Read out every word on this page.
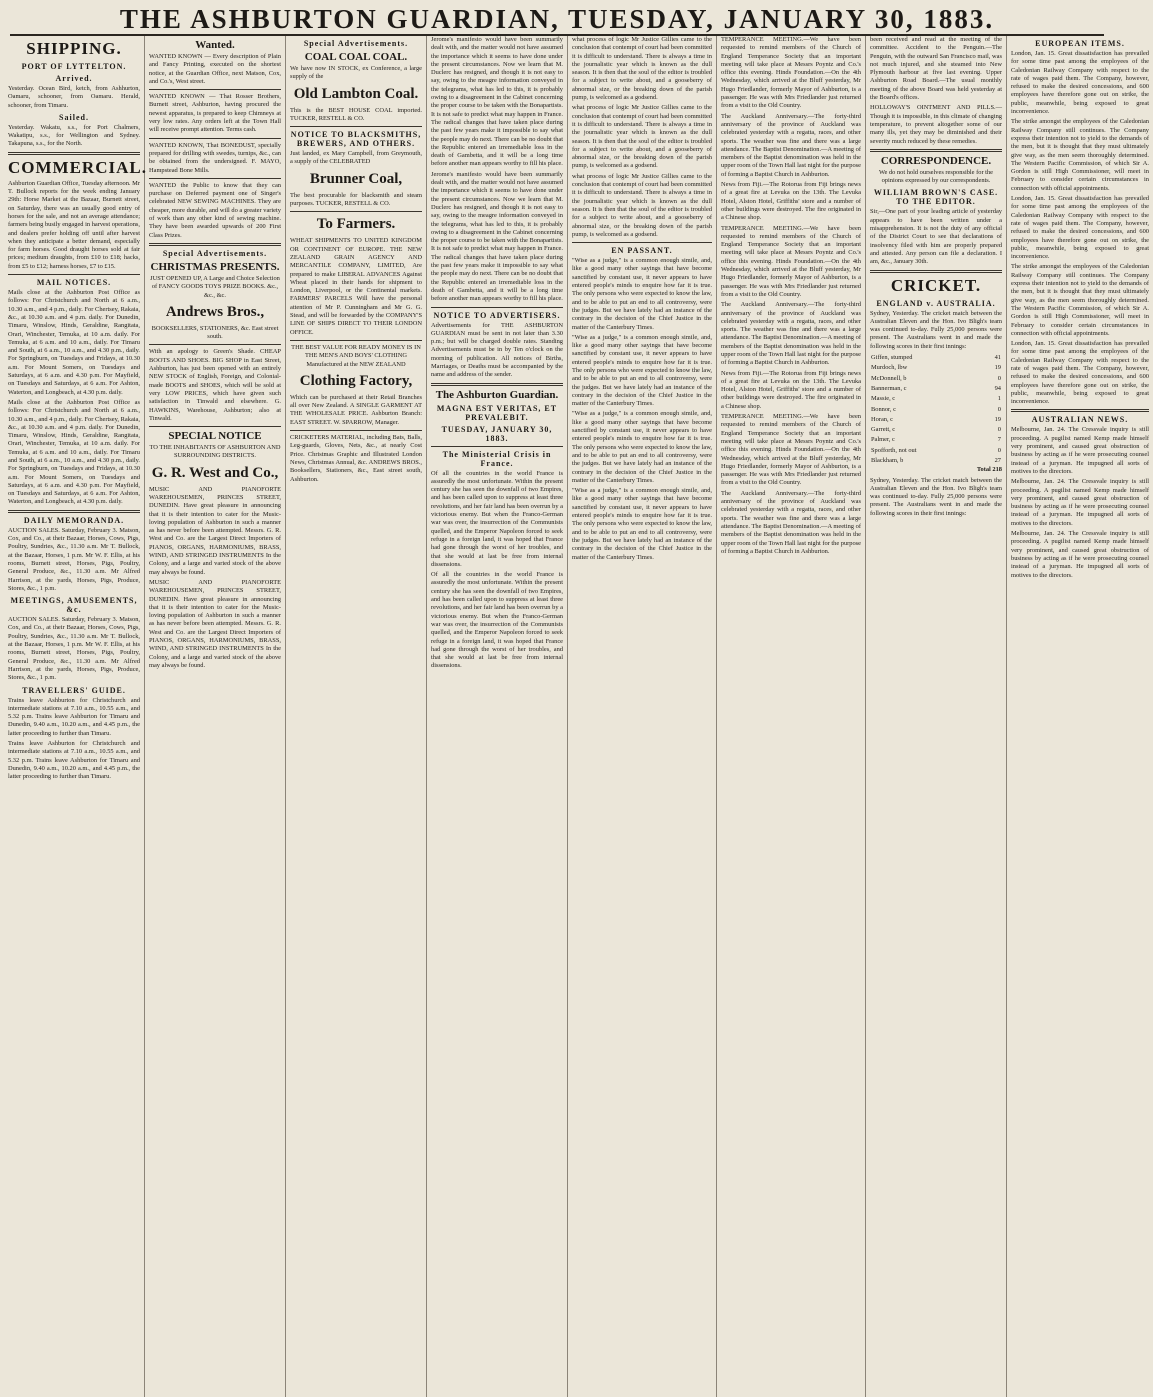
THE ASHBURTON GUARDIAN, TUESDAY, JANUARY 30, 1883.
SHIPPING.
PORT OF LYTTELTON.
Arrived.

Yesterday. Ocean Bird, ketch, from Ashhurton, Oamaru, schooner, from Oamaru. Herald, schooner, from Timaru.

Sailed.

Yesterday. Wakatu, s.s., for Port Chalmers, Wakatipu, s.s., for Wellington and Sydney. Takapuna, s.s., for the North.

COMMERCIAL.

Ashburton Guardian Office, Tuesday afternoon. Mr T. Bullock reports for the week ending January 29th: Horse Market at the Bazaar, Burnett street, on Saturday, there was an usually good entry of horses for the sale, and not an average attendance; farmers being busily engaged in harvest operations, and dealers prefer holding off until after harvest when they anticipate a better demand, especially for farm horses. Good draught horses sold at fair prices; medium draughts, from £10 to £18; hacks, from £5 to £12; harness horses, £7 to £15.

MAIL NOTICES.

Mails close at the Ashburton Post Office as follows: For Christchurch and North at 6 a.m., 10.30 a.m., and 4 p.m., daily. For Chertsey, Rakaia, &c., at 10.30 a.m. and 4 p.m. daily. For Dunedin, Timaru, Winslow, Hinds, Geraldine, Rangitata, Orari, Winchester, Temuka, at 10 a.m. daily. For Temuka, at 6 a.m. and 10 a.m., daily. For Timaru and South, at 6 a.m., 10 a.m., and 4.30 p.m., daily. For Springburn, on Tuesdays and Fridays, at 10.30 a.m. For Mount Somers, on Tuesdays and Saturdays, at 6 a.m. and 4.30 p.m. For Mayfield, on Tuesdays and Saturdays, at 6 a.m. For Ashton, Waterton, and Longbeach, at 4.30 p.m. daily.

Mails close at the Ashburton Post Office as follows: For Christchurch and North at 6 a.m., 10.30 a.m., and 4 p.m., daily. For Chertsey, Rakaia, &c., at 10.30 a.m. and 4 p.m. daily. For Dunedin, Timaru, Winslow, Hinds, Geraldine, Rangitata, Orari, Winchester, Temuka, at 10 a.m. daily. For Temuka, at 6 a.m. and 10 a.m., daily. For Timaru and South, at 6 a.m., 10 a.m., and 4.30 p.m., daily. For Springburn, on Tuesdays and Fridays, at 10.30 a.m. For Mount Somers, on Tuesdays and Saturdays, at 6 a.m. and 4.30 p.m. For Mayfield, on Tuesdays and Saturdays, at 6 a.m. For Ashton, Waterton, and Longbeach, at 4.30 p.m. daily.

DAILY MEMORANDA.

AUCTION SALES. Saturday, February 3. Matson, Cox, and Co., at their Bazaar, Horses, Cows, Pigs, Poultry, Sundries, &c., 11.30 a.m. Mr T. Bullock, at the Bazaar, Horses, 1 p.m. Mr W. F. Ellis, at his rooms, Burnett street, Horses, Pigs, Poultry, General Produce, &c., 11.30 a.m. Mr Alfred Harrison, at the yards, Horses, Pigs, Produce, Stores, &c., 1 p.m.

MEETINGS, AMUSEMENTS, &c.

AUCTION SALES. Saturday, February 3. Matson, Cox, and Co., at their Bazaar, Horses, Cows, Pigs, Poultry, Sundries, &c., 11.30 a.m. Mr T. Bullock, at the Bazaar, Horses, 1 p.m. Mr W. F. Ellis, at his rooms, Burnett street, Horses, Pigs, Poultry, General Produce, &c., 11.30 a.m. Mr Alfred Harrison, at the yards, Horses, Pigs, Produce, Stores, &c., 1 p.m.

TRAVELLERS' GUIDE.

Trains leave Ashburton for Christchurch and intermediate stations at 7.10 a.m., 10.55 a.m., and 5.32 p.m. Trains leave Ashburton for Timaru and Dunedin, 9.40 a.m., 10.20 a.m., and 4.45 p.m., the latter proceeding to further than Timaru.

Trains leave Ashburton for Christchurch and intermediate stations at 7.10 a.m., 10.55 a.m., and 5.32 p.m. Trains leave Ashburton for Timaru and Dunedin, 9.40 a.m., 10.20 a.m., and 4.45 p.m., the latter proceeding to further than Timaru.

Wanted.

WANTED KNOWN — Every description of Plain and Fancy Printing, executed on the shortest notice, at the Guardian Office, next Matson, Cox, and Co.'s, West street.

WANTED KNOWN — That Rosser Brothers, Burnett street, Ashburton, having procured the newest apparatus, is prepared to keep Chimneys at very low rates. Any orders left at the Town Hall will receive prompt attention. Terms cash.

WANTED KNOWN, That BONEDUST, specially prepared for drilling with swedes, turnips, &c., can be obtained from the undersigned. F. MAYO, Hampstead Bone Mills.

WANTED the Public to know that they can purchase on Deferred payment one of Singer's celebrated NEW SEWING MACHINES. They are cheaper, more durable, and will do a greater variety of work than any other kind of sewing machine. They have been awarded upwards of 200 First Class Prizes.

Special Advertisements.
CHRISTMAS PRESENTS.

JUST OPENED UP, A Large and Choice Selection of FANCY GOODS TOYS PRIZE BOOKS. &c., &c., &c.

Andrews Bros.,

BOOKSELLERS, STATIONERS, &c. East street south.

With an apology to Green's Shade. CHEAP BOOTS AND SHOES. BIG SHOP in East Street, Ashburton, has just been opened with an entirely NEW STOCK of English, Foreign, and Colonial-made BOOTS and SHOES, which will be sold at very LOW PRICES, which have given such satisfaction in Tinwald and elsewhere. G. HAWKINS, Warehouse, Ashburton; also at Tinwald.

SPECIAL NOTICE

TO THE INHABITANTS OF ASHBURTON AND SURROUNDING DISTRICTS.

G. R. West and Co.,

MUSIC AND PIANOFORTE WAREHOUSEMEN, PRINCES STREET, DUNEDIN. Have great pleasure in announcing that it is their intention to cater for the Music-loving population of Ashburton in such a manner as has never before been attempted. Messrs. G. R. West and Co. are the Largest Direct Importers of PIANOS, ORGANS, HARMONIUMS, BRASS, WIND, AND STRINGED INSTRUMENTS In the Colony, and a large and varied stock of the above may always be found.

MUSIC AND PIANOFORTE WAREHOUSEMEN, PRINCES STREET, DUNEDIN. Have great pleasure in announcing that it is their intention to cater for the Music-loving population of Ashburton in such a manner as has never before been attempted. Messrs. G. R. West and Co. are the Largest Direct Importers of PIANOS, ORGANS, HARMONIUMS, BRASS, WIND, AND STRINGED INSTRUMENTS In the Colony, and a large and varied stock of the above may always be found.

Special Advertisements.
COAL COAL COAL.

We have now IN STOCK, ex Conference, a large supply of the

Old Lambton Coal.

This is the BEST HOUSE COAL imported. TUCKER, RESTELL & CO.

NOTICE TO BLACKSMITHS, BREWERS, AND OTHERS.

Just landed, ex Mary Campbell, from Greymouth, a supply of the CELEBRATED

Brunner Coal,

The best procurable for blacksmith and steam purposes. TUCKER, RESTELL & CO.

To Farmers.

WHEAT SHIPMENTS TO UNITED KINGDOM OR CONTINENT OF EUROPE. THE NEW ZEALAND GRAIN AGENCY AND MERCANTILE COMPANY, LIMITED, Are prepared to make LIBERAL ADVANCES Against Wheat placed in their hands for shipment to London, Liverpool, or the Continental markets. FARMERS' PARCELS Will have the personal attention of Mr P. Cunningham and Mr G. G. Stead, and will be forwarded by the COMPANY'S LINE OF SHIPS DIRECT TO THEIR LONDON OFFICE.

THE BEST VALUE FOR READY MONEY IS IN THE MEN'S AND BOYS' CLOTHING Manufactured at the NEW ZEALAND

Clothing Factory,

Which can be purchased at their Retail Branches all over New Zealand. A SINGLE GARMENT AT THE WHOLESALE PRICE. Ashburton Branch: EAST STREET. W. SPARROW, Manager.

CRICKETERS MATERIAL, including Bats, Balls, Leg-guards, Gloves, Nets, &c., at nearly Cost Price. Christmas Graphic and Illustrated London News, Christmas Annual, &c. ANDREWS BROS., Booksellers, Stationers, &c., East street south, Ashburton.

Jerome's manifesto would have been summarily dealt with, and the matter would not have assumed the importance which it seems to have done under the present circumstances. Now we learn that M. Duclerc has resigned, and though it is not easy to say, owing to the meagre information conveyed in the telegrams, what has led to this, it is probably owing to a disagreement in the Cabinet concerning the proper course to be taken with the Bonapartists. It is not safe to predict what may happen in France. The radical changes that have taken place during the past few years make it impossible to say what the people may do next. There can be no doubt that the Republic entered an irremediable loss in the death of Gambetta, and it will be a long time before another man appears worthy to fill his place.

Jerome's manifesto would have been summarily dealt with, and the matter would not have assumed the importance which it seems to have done under the present circumstances. Now we learn that M. Duclerc has resigned, and though it is not easy to say, owing to the meagre information conveyed in the telegrams, what has led to this, it is probably owing to a disagreement in the Cabinet concerning the proper course to be taken with the Bonapartists. It is not safe to predict what may happen in France. The radical changes that have taken place during the past few years make it impossible to say what the people may do next. There can be no doubt that the Republic entered an irremediable loss in the death of Gambetta, and it will be a long time before another man appears worthy to fill his place.

NOTICE TO ADVERTISERS.

Advertisements for THE ASHBURTON GUARDIAN must be sent in not later than 3.30 p.m.; but will be charged double rates. Standing Advertisements must be in by Ten o'clock on the morning of publication. All notices of Births, Marriages, or Deaths must be accompanied by the name and address of the sender.

The Ashburton Guardian.
MAGNA EST VERITAS, ET PREVALEBIT.
TUESDAY, JANUARY 30, 1883.
The Ministerial Crisis in France.

Of all the countries in the world France is assuredly the most unfortunate. Within the present century she has seen the downfall of two Empires, and has been called upon to suppress at least three revolutions, and her fair land has been overrun by a victorious enemy. But when the Franco-German war was over, the insurrection of the Communists quelled, and the Emperor Napoleon forced to seek refuge in a foreign land, it was hoped that France had gone through the worst of her troubles, and that she would at last be free from internal dissensions.

Of all the countries in the world France is assuredly the most unfortunate. Within the present century she has seen the downfall of two Empires, and has been called upon to suppress at least three revolutions, and her fair land has been overrun by a victorious enemy. But when the Franco-German war was over, the insurrection of the Communists quelled, and the Emperor Napoleon forced to seek refuge in a foreign land, it was hoped that France had gone through the worst of her troubles, and that she would at last be free from internal dissensions.

what process of logic Mr Justice Gillies came to the conclusion that contempt of court had been committed it is difficult to understand. There is always a time in the journalistic year which is known as the dull season. It is then that the soul of the editor is troubled for a subject to write about, and a gooseberry of abnormal size, or the breaking down of the parish pump, is welcomed as a godsend.

what process of logic Mr Justice Gillies came to the conclusion that contempt of court had been committed it is difficult to understand. There is always a time in the journalistic year which is known as the dull season. It is then that the soul of the editor is troubled for a subject to write about, and a gooseberry of abnormal size, or the breaking down of the parish pump, is welcomed as a godsend.

what process of logic Mr Justice Gillies came to the conclusion that contempt of court had been committed it is difficult to understand. There is always a time in the journalistic year which is known as the dull season. It is then that the soul of the editor is troubled for a subject to write about, and a gooseberry of abnormal size, or the breaking down of the parish pump, is welcomed as a godsend.

EN PASSANT.

"Wise as a judge," is a common enough simile, and, like a good many other sayings that have become sanctified by constant use, it never appears to have entered people's minds to enquire how far it is true. The only persons who were expected to know the law, and to be able to put an end to all controversy, were the judges. But we have lately had an instance of the contrary in the decision of the Chief Justice in the matter of the Canterbury Times.

"Wise as a judge," is a common enough simile, and, like a good many other sayings that have become sanctified by constant use, it never appears to have entered people's minds to enquire how far it is true. The only persons who were expected to know the law, and to be able to put an end to all controversy, were the judges. But we have lately had an instance of the contrary in the decision of the Chief Justice in the matter of the Canterbury Times.

"Wise as a judge," is a common enough simile, and, like a good many other sayings that have become sanctified by constant use, it never appears to have entered people's minds to enquire how far it is true. The only persons who were expected to know the law, and to be able to put an end to all controversy, were the judges. But we have lately had an instance of the contrary in the decision of the Chief Justice in the matter of the Canterbury Times.

"Wise as a judge," is a common enough simile, and, like a good many other sayings that have become sanctified by constant use, it never appears to have entered people's minds to enquire how far it is true. The only persons who were expected to know the law, and to be able to put an end to all controversy, were the judges. But we have lately had an instance of the contrary in the decision of the Chief Justice in the matter of the Canterbury Times.

TEMPERANCE MEETING.—We have been requested to remind members of the Church of England Temperance Society that an important meeting will take place at Messrs Poyntz and Co.'s office this evening. Hinds Foundation.—On the 4th Wednesday, which arrived at the Bluff yesterday, Mr Hugo Friedlander, formerly Mayor of Ashburton, is a passenger. He was with Mrs Friedlander just returned from a visit to the Old Country.

The Auckland Anniversary.—The forty-third anniversary of the province of Auckland was celebrated yesterday with a regatta, races, and other sports. The weather was fine and there was a large attendance. The Baptist Denomination.—A meeting of members of the Baptist denomination was held in the upper room of the Town Hall last night for the purpose of forming a Baptist Church in Ashburton.

News from Fiji.—The Rotorua from Fiji brings news of a great fire at Levuka on the 13th. The Levuka Hotel, Alston Hotel, Griffiths' store and a number of other buildings were destroyed. The fire originated in a Chinese shop.

TEMPERANCE MEETING.—We have been requested to remind members of the Church of England Temperance Society that an important meeting will take place at Messrs Poyntz and Co.'s office this evening. Hinds Foundation.—On the 4th Wednesday, which arrived at the Bluff yesterday, Mr Hugo Friedlander, formerly Mayor of Ashburton, is a passenger. He was with Mrs Friedlander just returned from a visit to the Old Country.

The Auckland Anniversary.—The forty-third anniversary of the province of Auckland was celebrated yesterday with a regatta, races, and other sports. The weather was fine and there was a large attendance. The Baptist Denomination.—A meeting of members of the Baptist denomination was held in the upper room of the Town Hall last night for the purpose of forming a Baptist Church in Ashburton.

News from Fiji.—The Rotorua from Fiji brings news of a great fire at Levuka on the 13th. The Levuka Hotel, Alston Hotel, Griffiths' store and a number of other buildings were destroyed. The fire originated in a Chinese shop.

TEMPERANCE MEETING.—We have been requested to remind members of the Church of England Temperance Society that an important meeting will take place at Messrs Poyntz and Co.'s office this evening. Hinds Foundation.—On the 4th Wednesday, which arrived at the Bluff yesterday, Mr Hugo Friedlander, formerly Mayor of Ashburton, is a passenger. He was with Mrs Friedlander just returned from a visit to the Old Country.

The Auckland Anniversary.—The forty-third anniversary of the province of Auckland was celebrated yesterday with a regatta, races, and other sports. The weather was fine and there was a large attendance. The Baptist Denomination.—A meeting of members of the Baptist denomination was held in the upper room of the Town Hall last night for the purpose of forming a Baptist Church in Ashburton.

been received and read at the meeting of the committee. Accident to the Penguin.—The Penguin, with the outward San Francisco mail, was not much injured, and she steamed into New Plymouth harbour at five last evening. Upper Ashburton Road Board.—The usual monthly meeting of the above Board was held yesterday at the Board's offices.

HOLLOWAY'S OINTMENT AND PILLS.—Though it is impossible, in this climate of changing temperature, to prevent altogether some of our many ills, yet they may be diminished and their severity much reduced by these remedies.

CORRESPONDENCE.

We do not hold ourselves responsible for the opinions expressed by our correspondents.

WILLIAM BROWN'S CASE. TO THE EDITOR.

Sir,—One part of your leading article of yesterday appears to have been written under a misapprehension. It is not the duty of any official of the District Court to see that declarations of insolvency filed with him are properly prepared and attested. Any person can file a declaration. I am, &c., January 30th.

CRICKET.
ENGLAND v. AUSTRALIA.

Sydney, Yesterday. The cricket match between the Australian Eleven and the Hon. Ivo Bligh's team was continued to-day. Fully 25,000 persons were present. The Australians went in and made the following scores in their first innings:

Giffen, stumped	41
Murdoch, lbw	19
McDonnell, b	0
Bannerman, c	94
Massie, c	1
Bonnor, c	0
Horan, c	19
Garrett, c	0
Palmer, c	7
Spofforth, not out	0
Blackham, b	27

Total 218

Sydney, Yesterday. The cricket match between the Australian Eleven and the Hon. Ivo Bligh's team was continued to-day. Fully 25,000 persons were present. The Australians went in and made the following scores in their first innings:

EUROPEAN ITEMS.

London, Jan. 15. Great dissatisfaction has prevailed for some time past among the employees of the Caledonian Railway Company with respect to the rate of wages paid them. The Company, however, refused to make the desired concessions, and 600 employees have therefore gone out on strike, the public, meanwhile, being exposed to great inconvenience.

The strike amongst the employees of the Caledonian Railway Company still continues. The Company express their intention not to yield to the demands of the men, but it is thought that they must ultimately give way, as the men seem thoroughly determined. The Western Pacific Commission, of which Sir A. Gordon is still High Commissioner, will meet in February to consider certain circumstances in connection with official appointments.

London, Jan. 15. Great dissatisfaction has prevailed for some time past among the employees of the Caledonian Railway Company with respect to the rate of wages paid them. The Company, however, refused to make the desired concessions, and 600 employees have therefore gone out on strike, the public, meanwhile, being exposed to great inconvenience.

The strike amongst the employees of the Caledonian Railway Company still continues. The Company express their intention not to yield to the demands of the men, but it is thought that they must ultimately give way, as the men seem thoroughly determined. The Western Pacific Commission, of which Sir A. Gordon is still High Commissioner, will meet in February to consider certain circumstances in connection with official appointments.

London, Jan. 15. Great dissatisfaction has prevailed for some time past among the employees of the Caledonian Railway Company with respect to the rate of wages paid them. The Company, however, refused to make the desired concessions, and 600 employees have therefore gone out on strike, the public, meanwhile, being exposed to great inconvenience.

AUSTRALIAN NEWS.

Melbourne, Jan. 24. The Cressvale inquiry is still proceeding. A pugilist named Kemp made himself very prominent, and caused great obstruction of business by acting as if he were prosecuting counsel instead of a juryman. He impugned all sorts of motives to the directors.

Melbourne, Jan. 24. The Cressvale inquiry is still proceeding. A pugilist named Kemp made himself very prominent, and caused great obstruction of business by acting as if he were prosecuting counsel instead of a juryman. He impugned all sorts of motives to the directors.

Melbourne, Jan. 24. The Cressvale inquiry is still proceeding. A pugilist named Kemp made himself very prominent, and caused great obstruction of business by acting as if he were prosecuting counsel instead of a juryman. He impugned all sorts of motives to the directors.
